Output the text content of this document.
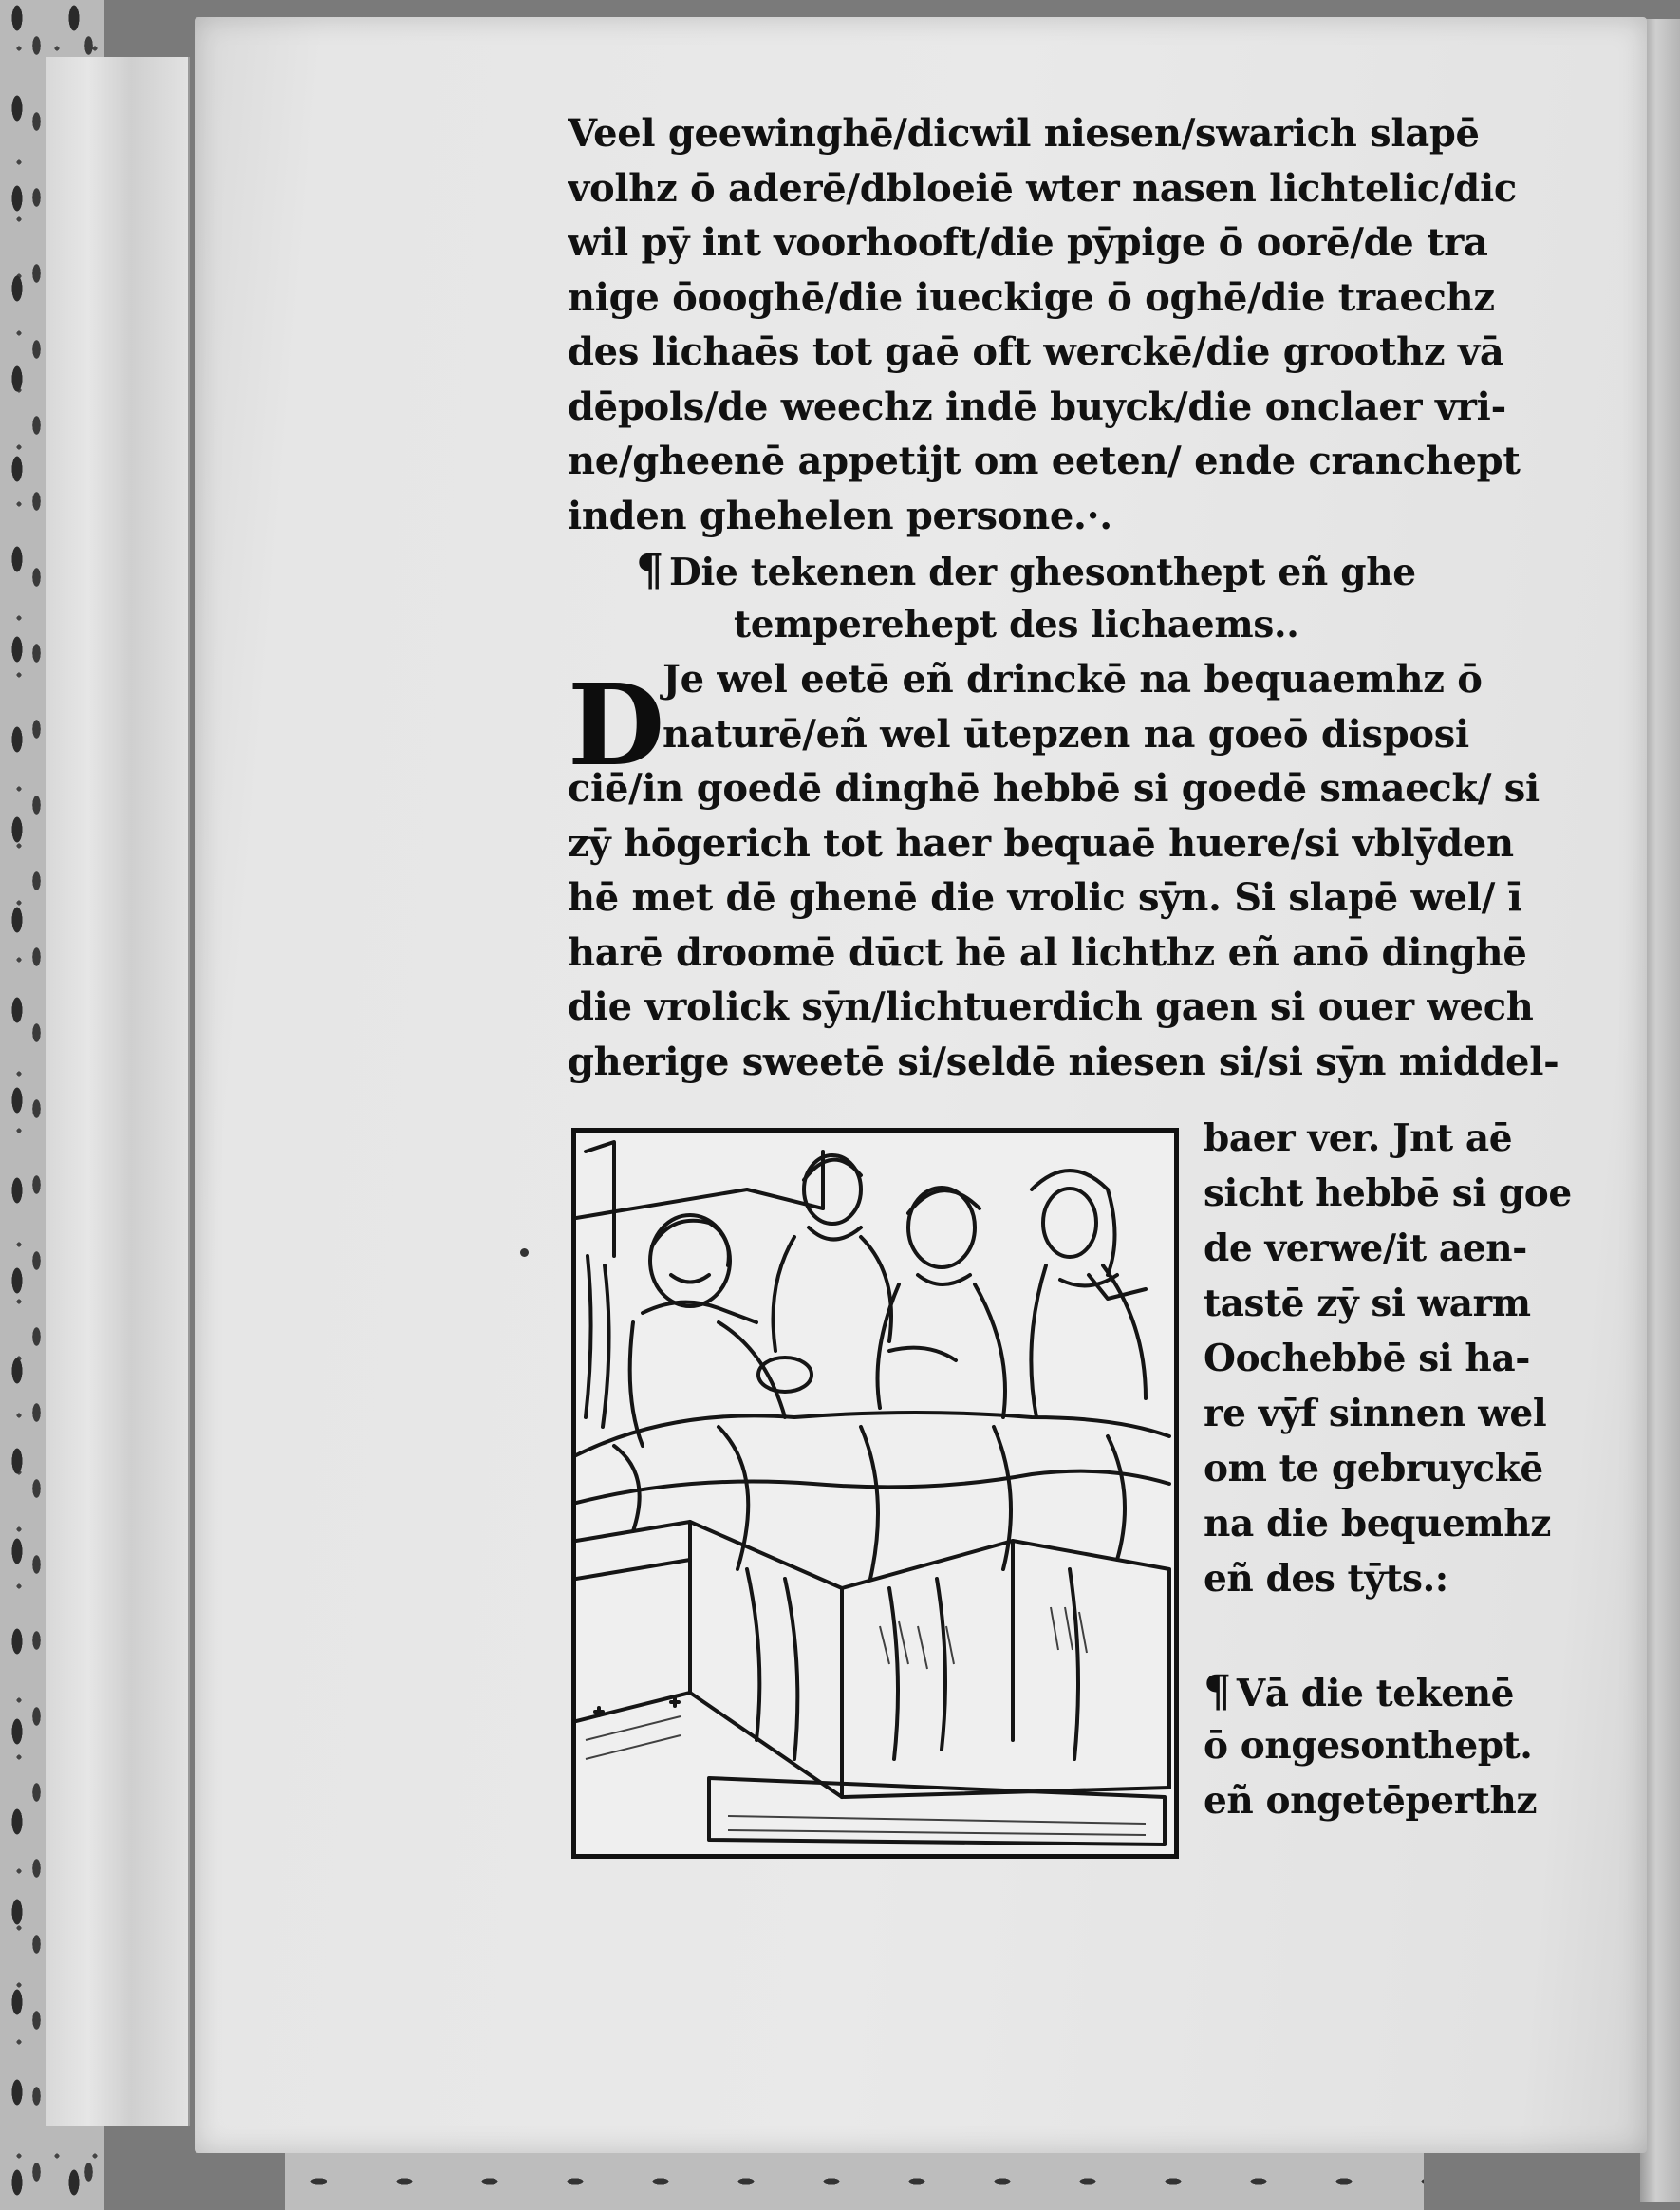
Veel geewinghē/dicwil niesen/swarich slapē
volhz ō aderē/dbloeiē wter nasen lichtelic/dic
wil pȳ int voorhooft/die pȳpige ō oorē/de tra
nige ōooghē/die iueckige ō oghē/die traechz
des lichaēs tot gaē oft werckē/die groothz vā
dēpols/de weechz indē buyck/die onclaer vri-
ne/gheenē appetijt om eeten/ ende cranchept
inden ghehelen persone.·.
¶ Die tekenen der ghesonthept eñ ghe
temperehept des lichaems..
Je wel eetē eñ drinckē na bequaemhz ō
naturē/eñ wel ūtepzen na goeō disposi
ciē/in goedē dinghē hebbē si goedē smaeck/ si
zȳ hōgerich tot haer bequaē huere/si vblȳden
hē met dē ghenē die vrolic sȳn. Si slapē wel/ ī
harē droomē dūct hē al lichthz eñ anō dinghē
die vrolick sȳn/lichtuerdich gaen si ouer wech
gherige sweetē si/seldē niesen si/si sȳn middel-
D
baer ver. Jnt aē
sicht hebbē si goe
de verwe/it aen-
tastē zȳ si warm
Oochebbē si ha-
re vȳf sinnen wel
om te gebruyckē
na die bequemhz
eñ des tȳts.:
¶ Vā die tekenē
ō ongesonthept.
eñ ongetēperthz
